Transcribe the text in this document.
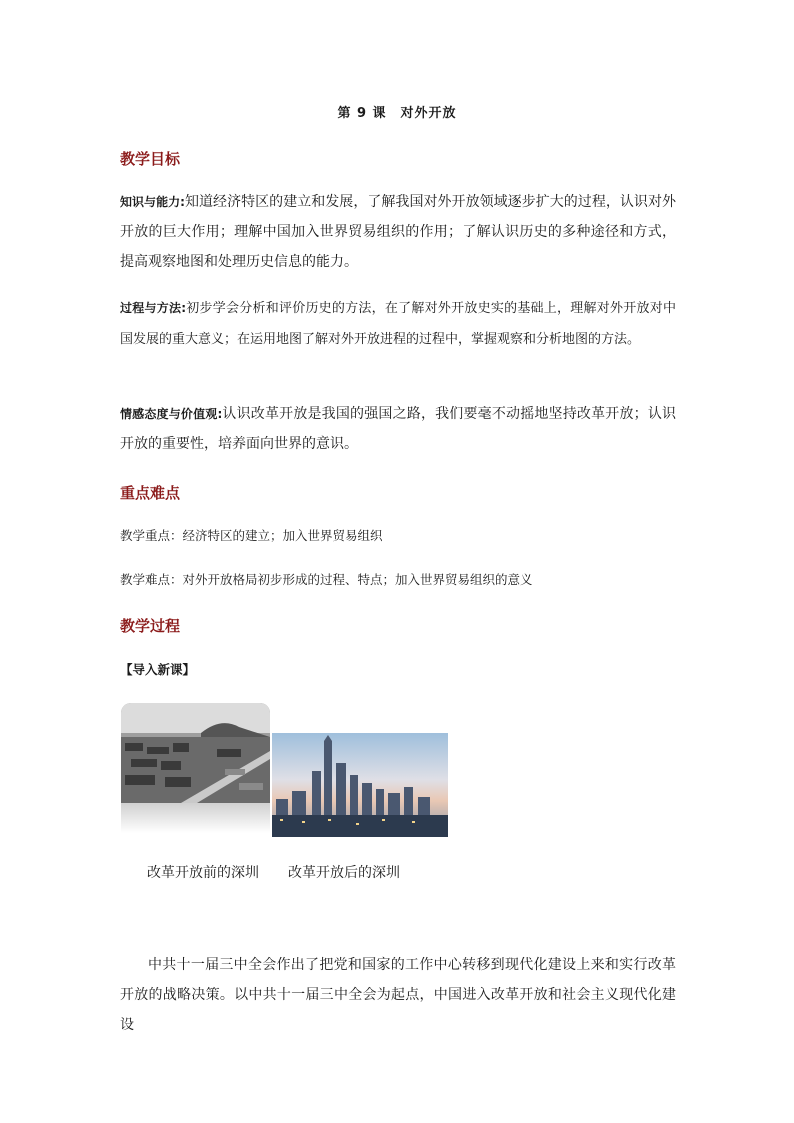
第 9 课　对外开放
教学目标
知识与能力:知道经济特区的建立和发展，了解我国对外开放领域逐步扩大的过程，认识对外开放的巨大作用；理解中国加入世界贸易组织的作用；了解认识历史的多种途径和方式，提高观察地图和处理历史信息的能力。
过程与方法:初步学会分析和评价历史的方法，在了解对外开放史实的基础上，理解对外开放对中国发展的重大意义；在运用地图了解对外开放进程的过程中，掌握观察和分析地图的方法。
情感态度与价值观:认识改革开放是我国的强国之路，我们要毫不动摇地坚持改革开放；认识开放的重要性，培养面向世界的意识。
重点难点
教学重点：经济特区的建立；加入世界贸易组织
教学难点：对外开放格局初步形成的过程、特点；加入世界贸易组织的意义
教学过程
【导入新课】
改革开放前的深圳 改革开放后的深圳
中共十一届三中全会作出了把党和国家的工作中心转移到现代化建设上来和实行改革开放的战略决策。以中共十一届三中全会为起点，中国进入改革开放和社会主义现代化建设
